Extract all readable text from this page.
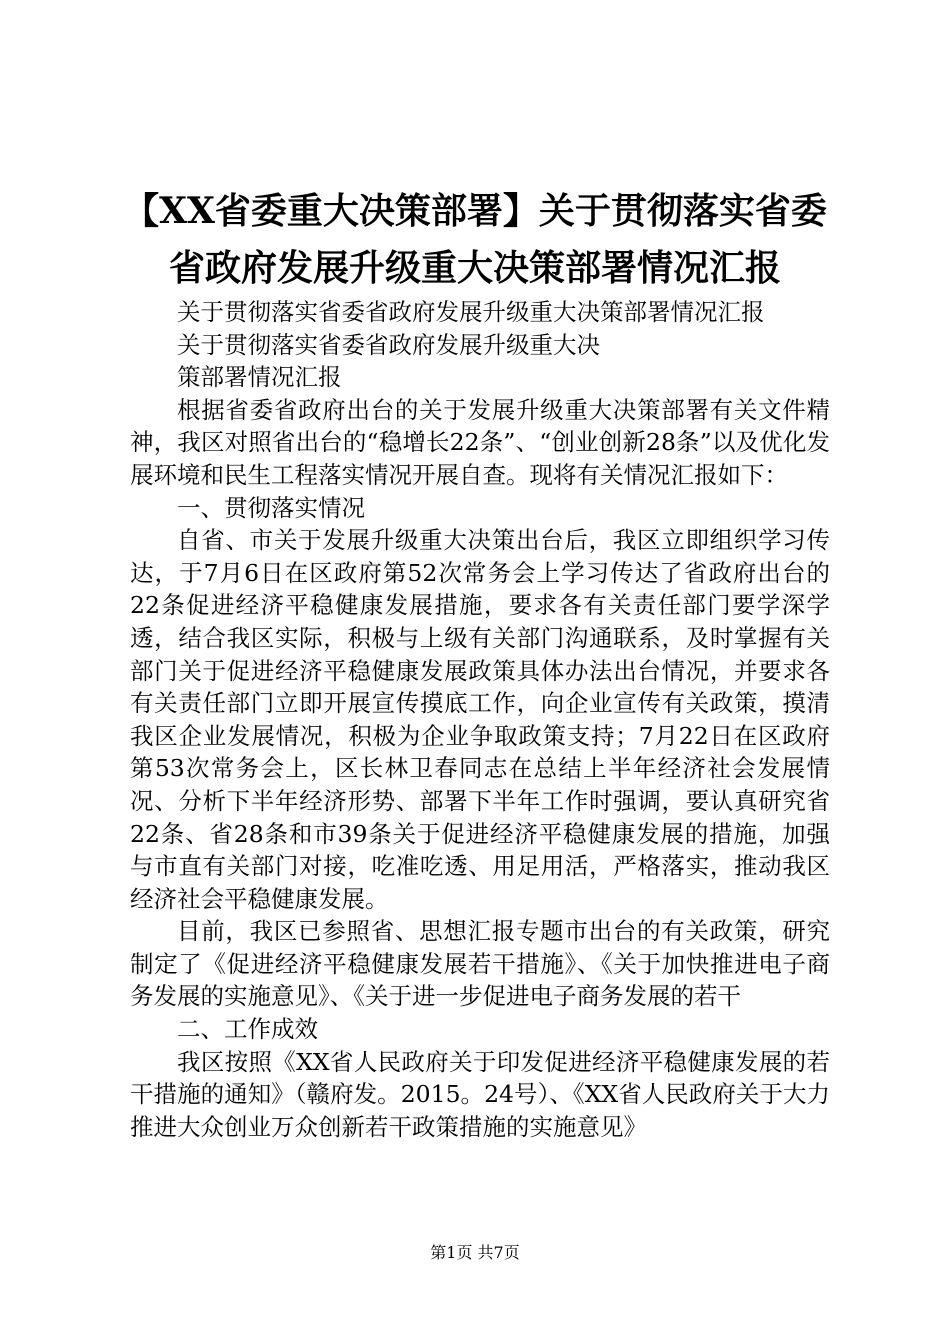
【XX省委重大决策部署】关于贯彻落实省委
省政府发展升级重大决策部署情况汇报

关于贯彻落实省委省政府发展升级重大决策部署情况汇报

关于贯彻落实省委省政府发展升级重大决

策部署情况汇报

根据省委省政府出台的关于发展升级重大决策部署有关文件精神，我区对照省出台的“稳增长22条”、“创业创新28条”以及优化发展环境和民生工程落实情况开展自查。现将有关情况汇报如下：

一、贯彻落实情况

自省、市关于发展升级重大决策出台后，我区立即组织学习传达，于7月6日在区政府第52次常务会上学习传达了省政府出台的22条促进经济平稳健康发展措施，要求各有关责任部门要学深学透，结合我区实际，积极与上级有关部门沟通联系，及时掌握有关部门关于促进经济平稳健康发展政策具体办法出台情况，并要求各有关责任部门立即开展宣传摸底工作，向企业宣传有关政策，摸清我区企业发展情况，积极为企业争取政策支持；7月22日在区政府第53次常务会上，区长林卫春同志在总结上半年经济社会发展情况、分析下半年经济形势、部署下半年工作时强调，要认真研究省22条、省28条和市39条关于促进经济平稳健康发展的措施，加强与市直有关部门对接，吃准吃透、用足用活，严格落实，推动我区经济社会平稳健康发展。

目前，我区已参照省、思想汇报专题市出台的有关政策，研究制定了《促进经济平稳健康发展若干措施》、《关于加快推进电子商务发展的实施意见》、《关于进一步促进电子商务发展的若干

二、工作成效

我区按照《XX省人民政府关于印发促进经济平稳健康发展的若干措施的通知》（赣府发。2015。24号）、《XX省人民政府关于大力推进大众创业万众创新若干政策措施的实施意见》

第1页 共7页
